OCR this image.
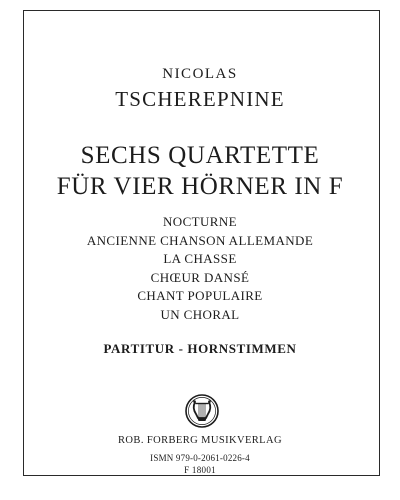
NICOLAS
TSCHEREPNINE
SECHS QUARTETTE
FÜR VIER HÖRNER IN F
NOCTURNE
ANCIENNE CHANSON ALLEMANDE
LA CHASSE
CHŒUR DANSÉ
CHANT POPULAIRE
UN CHORAL
PARTITUR - HORNSTIMMEN
ROB. FORBERG MUSIKVERLAG
ISMN 979-0-2061-0226-4
F 18001
